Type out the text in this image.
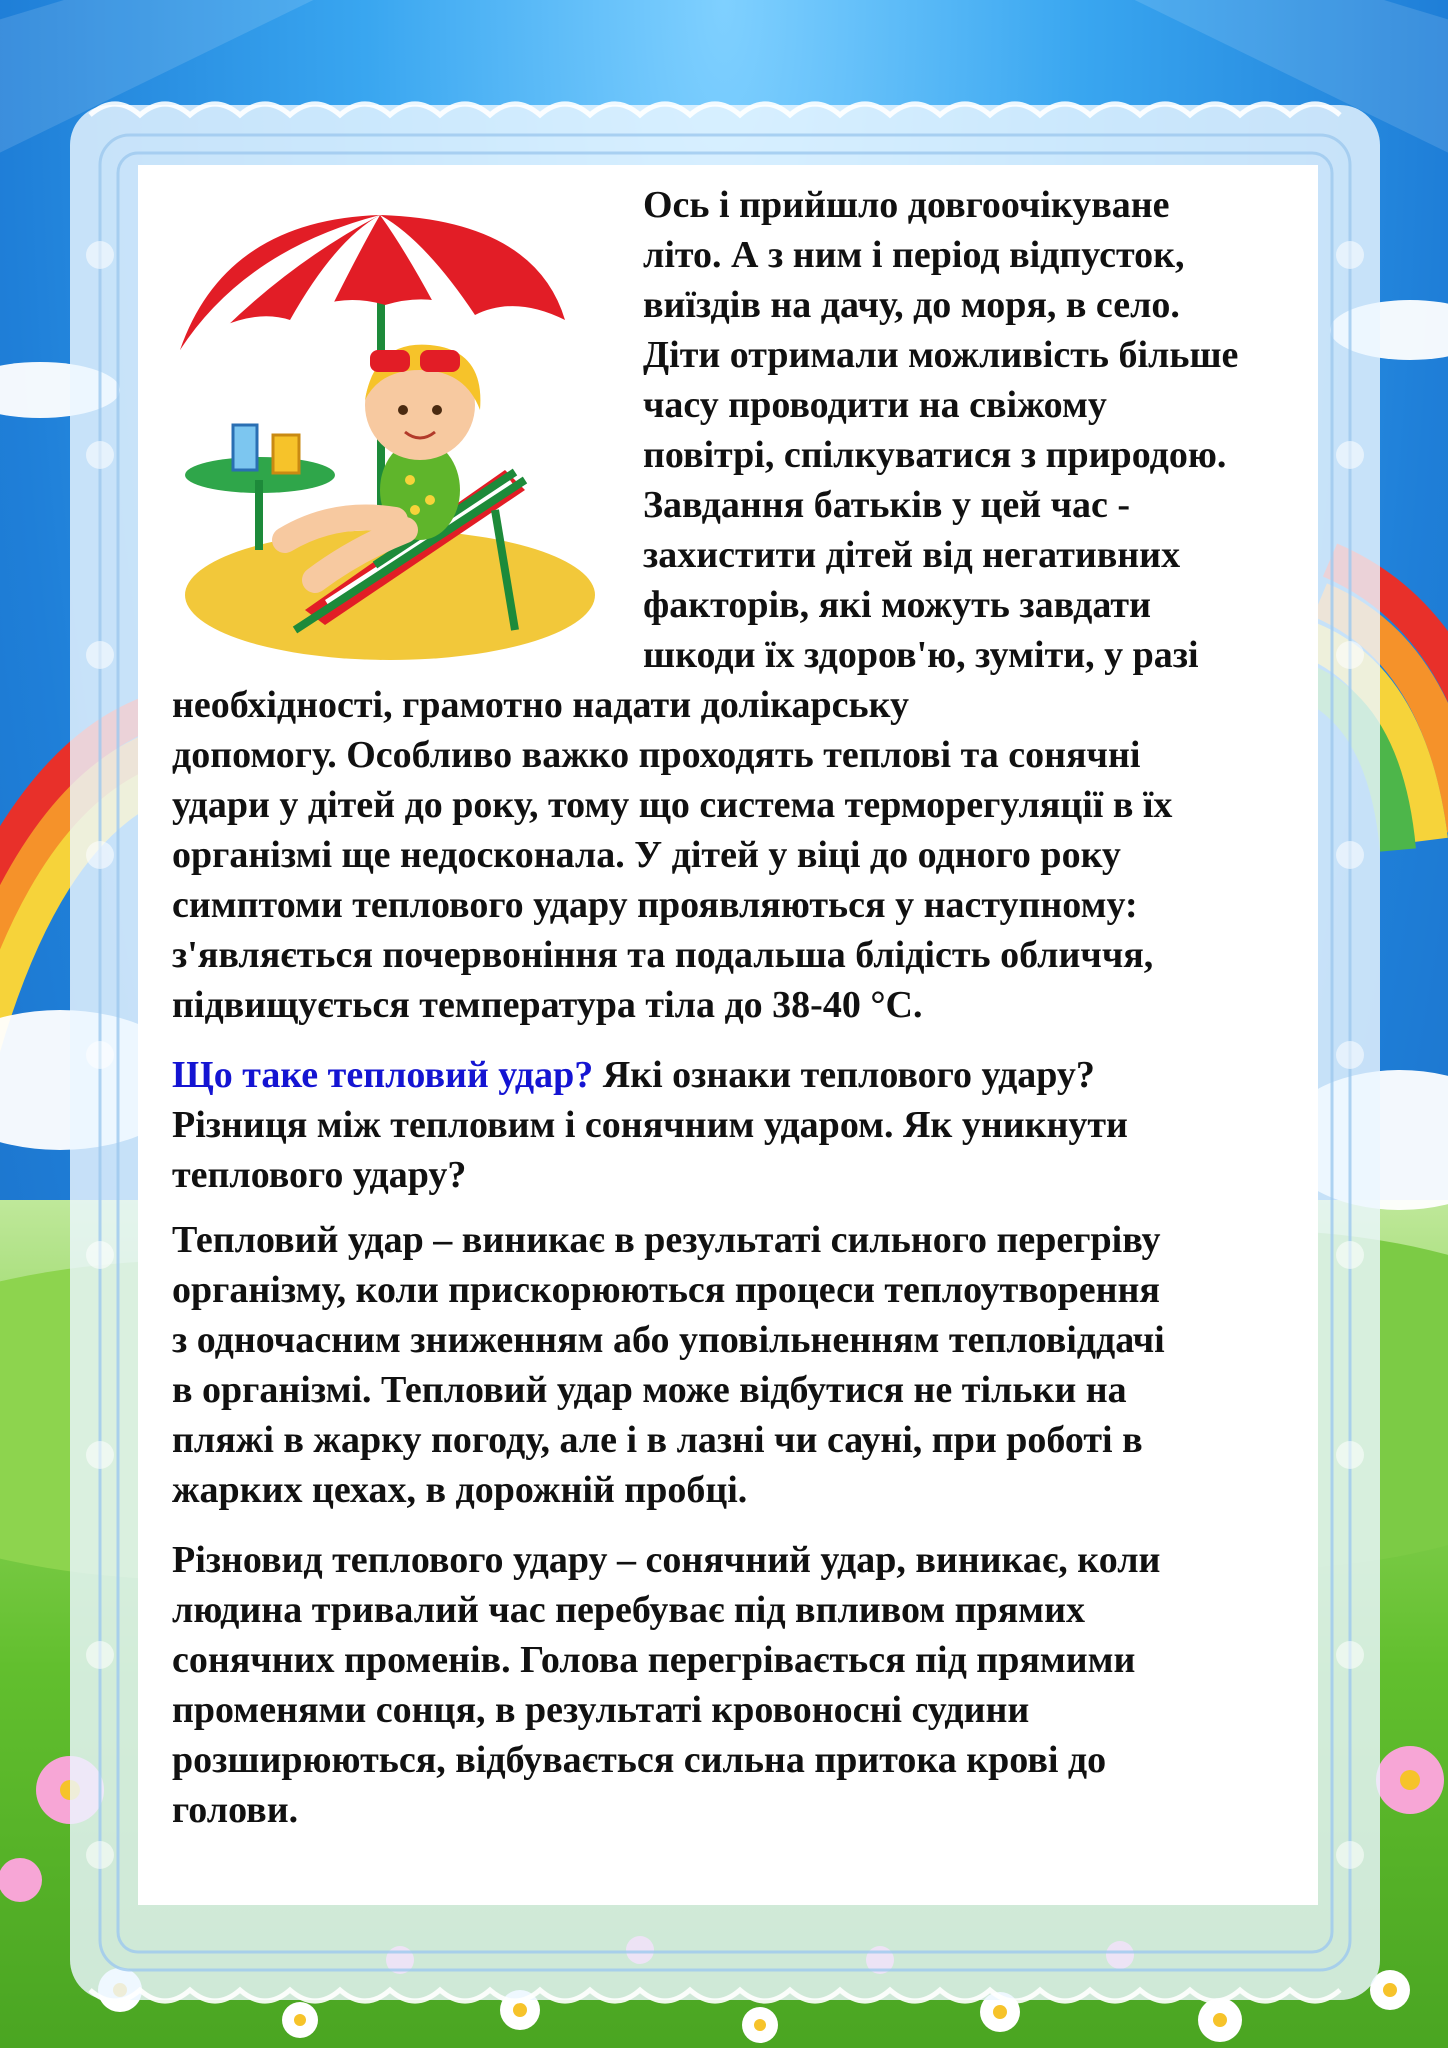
Ось і прийшло довгоочікуване
літо. А з ним і період відпусток,
виїздів на дачу, до моря, в село.
Діти отримали можливість більше
часу проводити на свіжому
повітрі, спілкуватися з природою.
Завдання батьків у цей час -
захистити дітей від негативних
факторів, які можуть завдати
шкоди їх здоров'ю, зуміти, у разі
необхідності, грамотно надати долікарську
допомогу. Особливо важко проходять теплові та сонячні
удари у дітей до року, тому що система терморегуляції в їх
організмі ще недосконала. У дітей у віці до одного року
симптоми теплового удару проявляються у наступному:
з'являється почервоніння та подальша блідість обличчя,
підвищується температура тіла до 38-40 °C.
Що таке тепловий удар? Які ознаки теплового удару?
Різниця між тепловим і сонячним ударом. Як уникнути
теплового удару?
Тепловий удар – виникає в результаті сильного перегріву
організму, коли прискорюються процеси теплоутворення
з одночасним зниженням або уповільненням тепловіддачі
в організмі. Тепловий удар може відбутися не тільки на
пляжі в жарку погоду, але і в лазні чи сауні, при роботі в
жарких цехах, в дорожній пробці.
Різновид теплового удару – сонячний удар, виникає, коли
людина тривалий час перебуває під впливом прямих
сонячних променів. Голова перегрівається під прямими
променями сонця, в результаті кровоносні судини
розширюються, відбувається сильна притока крові до
голови.
